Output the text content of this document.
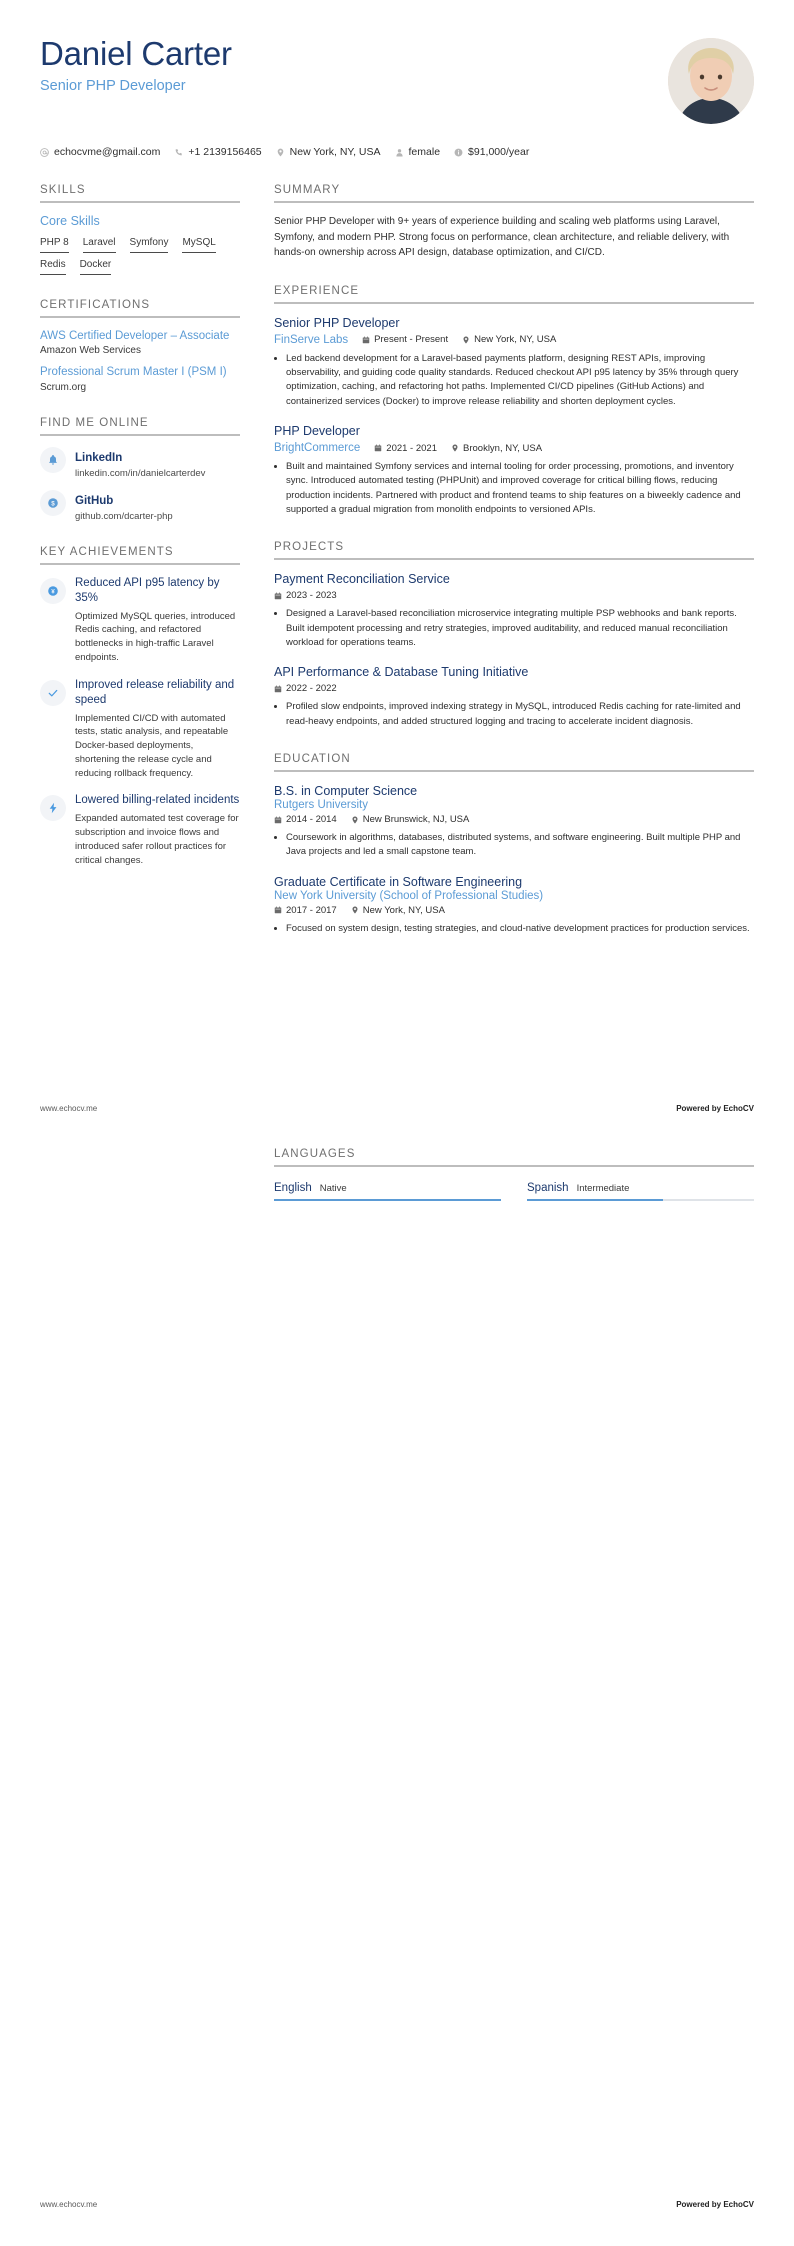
Daniel Carter
Senior PHP Developer
echocvme@gmail.com	+1 2139156465	New York, NY, USA	female	$91,000/year
SKILLS
Core Skills
PHP 8 Laravel Symfony MySQL
Redis Docker
CERTIFICATIONS
AWS Certified Developer – Associate
Amazon Web Services
Professional Scrum Master I (PSM I)
Scrum.org
FIND ME ONLINE
LinkedIn
linkedin.com/in/danielcarterdev
$ GitHub
github.com/dcarter-php
KEY ACHIEVEMENTS
¥
Reduced API p95 latency by 35%
Optimized MySQL queries, introduced Redis caching, and refactored bottlenecks in high-traffic Laravel endpoints.
Improved release reliability and speed
Implemented CI/CD with automated tests, static analysis, and repeatable Docker-based deployments, shortening the release cycle and reducing rollback frequency.
Lowered billing-related incidents
Expanded automated test coverage for subscription and invoice flows and introduced safer rollout practices for critical changes.
SUMMARY

Senior PHP Developer with 9+ years of experience building and scaling web platforms using Laravel, Symfony, and modern PHP. Strong focus on performance, clean architecture, and reliable delivery, with hands-on ownership across API design, database optimization, and CI/CD.

EXPERIENCE
Senior PHP Developer
FinServe Labs	Present - Present	New York, NY, USA
• Led backend development for a Laravel-based payments platform, designing REST APIs, improving observability, and guiding code quality standards. Reduced checkout API p95 latency by 35% through query optimization, caching, and refactoring hot paths. Implemented CI/CD pipelines (GitHub Actions) and containerized services (Docker) to improve release reliability and shorten deployment cycles.
PHP Developer
BrightCommerce	2021 - 2021	Brooklyn, NY, USA
• Built and maintained Symfony services and internal tooling for order processing, promotions, and inventory sync. Introduced automated testing (PHPUnit) and improved coverage for critical billing flows, reducing production incidents. Partnered with product and frontend teams to ship features on a biweekly cadence and supported a gradual migration from monolith endpoints to versioned APIs.
PROJECTS
Payment Reconciliation Service
2023 - 2023
• Designed a Laravel-based reconciliation microservice integrating multiple PSP webhooks and bank reports. Built idempotent processing and retry strategies, improved auditability, and reduced manual reconciliation workload for operations teams.
API Performance & Database Tuning Initiative
2022 - 2022
• Profiled slow endpoints, improved indexing strategy in MySQL, introduced Redis caching for rate-limited and read-heavy endpoints, and added structured logging and tracing to accelerate incident diagnosis.
EDUCATION
B.S. in Computer Science
Rutgers University
2014 - 2014	New Brunswick, NJ, USA
• Coursework in algorithms, databases, distributed systems, and software engineering. Built multiple PHP and Java projects and led a small capstone team.
Graduate Certificate in Software Engineering
New York University (School of Professional Studies)
2017 - 2017	New York, NY, USA
• Focused on system design, testing strategies, and cloud-native development practices for production services.
www.echocv.me	Powered by EchoCV
LANGUAGES
English Native	Spanish Intermediate
www.echocv.me	Powered by EchoCV
